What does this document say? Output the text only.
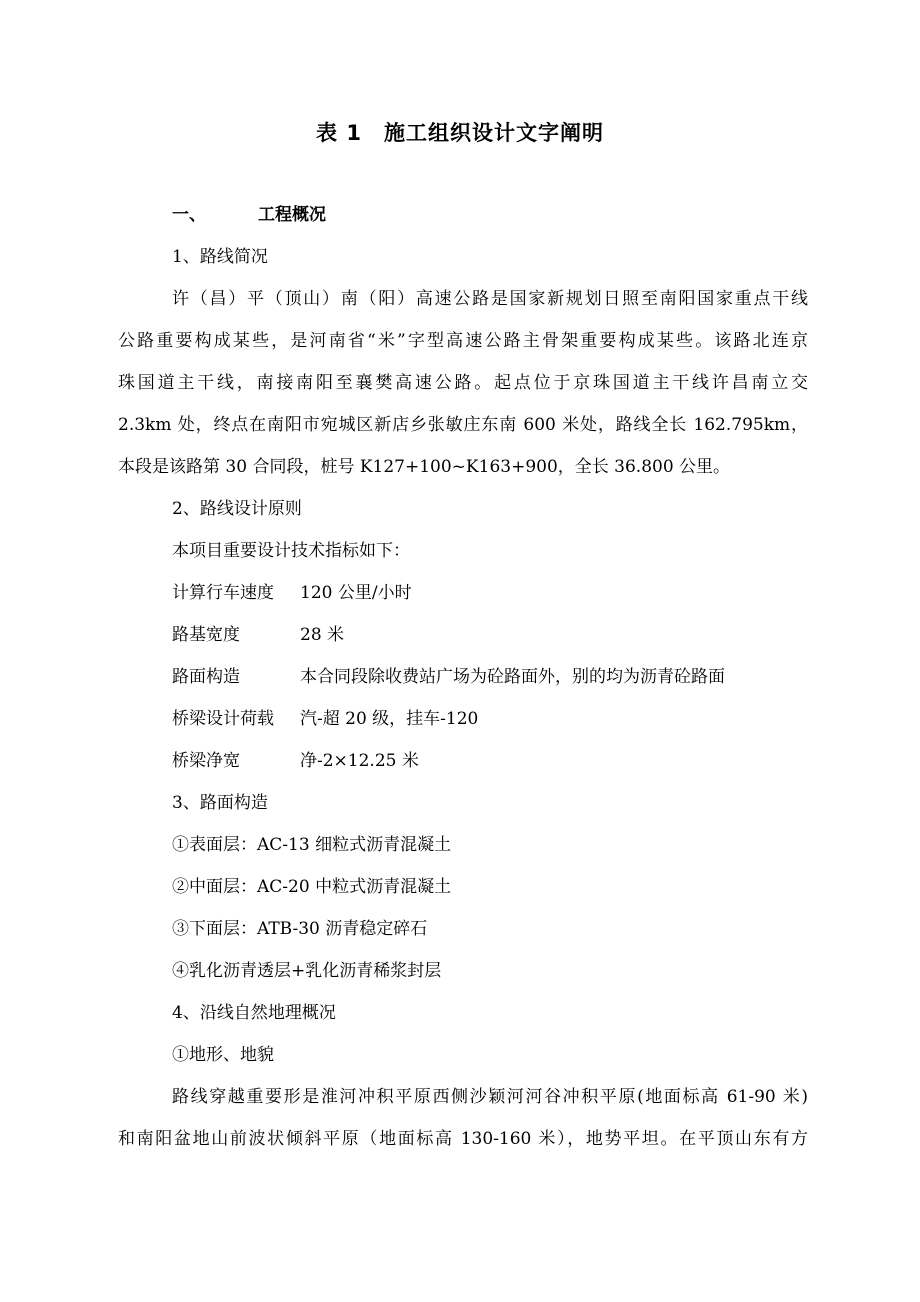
表 1 施工组织设计文字阐明
一、	工程概况
1、路线简况
许（昌）平（顶山）南（阳）高速公路是国家新规划日照至南阳国家重点干线
公路重要构成某些，是河南省“米”字型高速公路主骨架重要构成某些。该路北连京
珠国道主干线，南接南阳至襄樊高速公路。起点位于京珠国道主干线许昌南立交
2.3km 处，终点在南阳市宛城区新店乡张敏庄东南 600 米处，路线全长 162.795km，
本段是该路第 30 合同段，桩号 K127+100~K163+900，全长 36.800 公里。
2、路线设计原则
本项目重要设计技术指标如下：
计算行车速度 120 公里/小时
路基宽度	28 米
路面构造	本合同段除收费站广场为砼路面外，别的均为沥青砼路面
桥梁设计荷载 汽-超 20 级，挂车-120
桥梁净宽	净-2×12.25 米
3、路面构造
①表面层：AC-13 细粒式沥青混凝土
②中面层：AC-20 中粒式沥青混凝土
③下面层：ATB-30 沥青稳定碎石
④乳化沥青透层+乳化沥青稀浆封层
4、沿线自然地理概况
①地形、地貌
路线穿越重要形是淮河冲积平原西侧沙颖河河谷冲积平原(地面标高 61-90 米)
和南阳盆地山前波状倾斜平原（地面标高 130-160 米），地势平坦。在平顶山东有方
